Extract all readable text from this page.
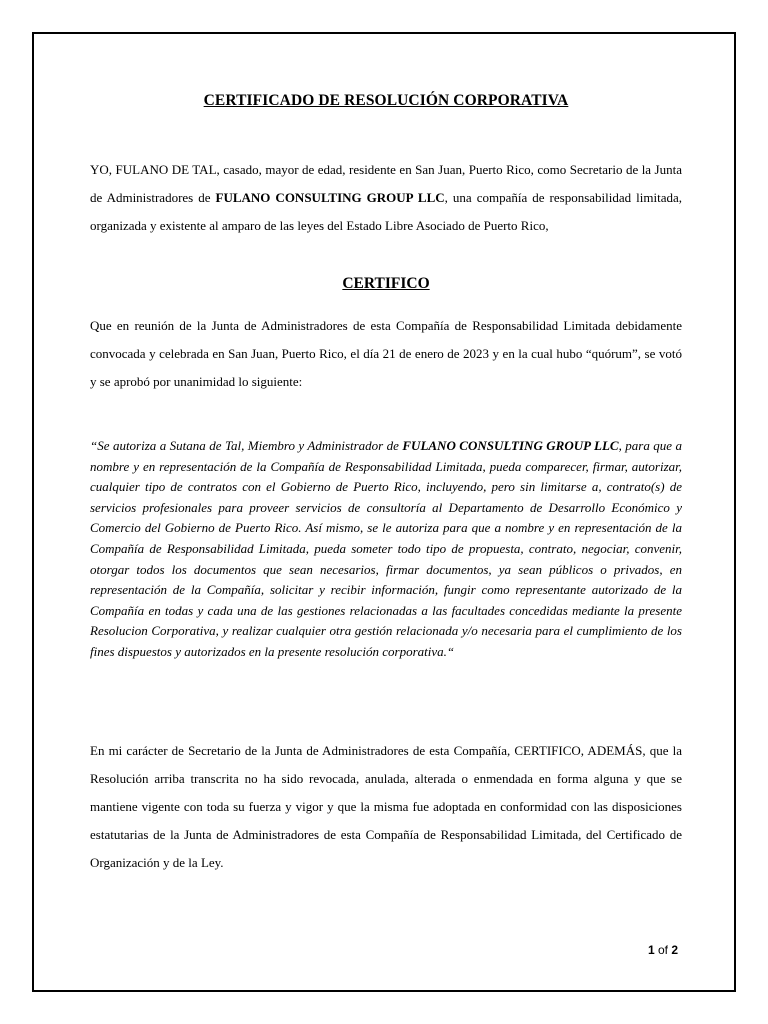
CERTIFICADO DE RESOLUCIÓN CORPORATIVA

YO, FULANO DE TAL, casado, mayor de edad, residente en San Juan, Puerto Rico, como Secretario de la Junta de Administradores de FULANO CONSULTING GROUP LLC, una compañía de responsabilidad limitada, organizada y existente al amparo de las leyes del Estado Libre Asociado de Puerto Rico,

CERTIFICO

Que en reunión de la Junta de Administradores de esta Compañía de Responsabilidad Limitada debidamente convocada y celebrada en San Juan, Puerto Rico, el día 21 de enero de 2023 y en la cual hubo “quórum”, se votó y se aprobó por unanimidad lo siguiente:

“Se autoriza a Sutana de Tal, Miembro y Administrador de FULANO CONSULTING GROUP LLC, para que a nombre y en representación de la Compañía de Responsabilidad Limitada, pueda comparecer, firmar, autorizar, cualquier tipo de contratos con el Gobierno de Puerto Rico, incluyendo, pero sin limitarse a, contrato(s) de servicios profesionales para proveer servicios de consultoría al Departamento de Desarrollo Económico y Comercio del Gobierno de Puerto Rico. Así mismo, se le autoriza para que a nombre y en representación de la Compañía de Responsabilidad Limitada, pueda someter todo tipo de propuesta, contrato, negociar, convenir, otorgar todos los documentos que sean necesarios, firmar documentos, ya sean públicos o privados, en representación de la Compañía, solicitar y recibir información, fungir como representante autorizado de la Compañía en todas y cada una de las gestiones relacionadas a las facultades concedidas mediante la presente Resolucion Corporativa, y realizar cualquier otra gestión relacionada y/o necesaria para el cumplimiento de los fines dispuestos y autorizados en la presente resolución corporativa.“

En mi carácter de Secretario de la Junta de Administradores de esta Compañía, CERTIFICO, ADEMÁS, que la Resolución arriba transcrita no ha sido revocada, anulada, alterada o enmendada en forma alguna y que se mantiene vigente con toda su fuerza y vigor y que la misma fue adoptada en conformidad con las disposiciones estatutarias de la Junta de Administradores de esta Compañía de Responsabilidad Limitada, del Certificado de Organización y de la Ley.

1 of 2
